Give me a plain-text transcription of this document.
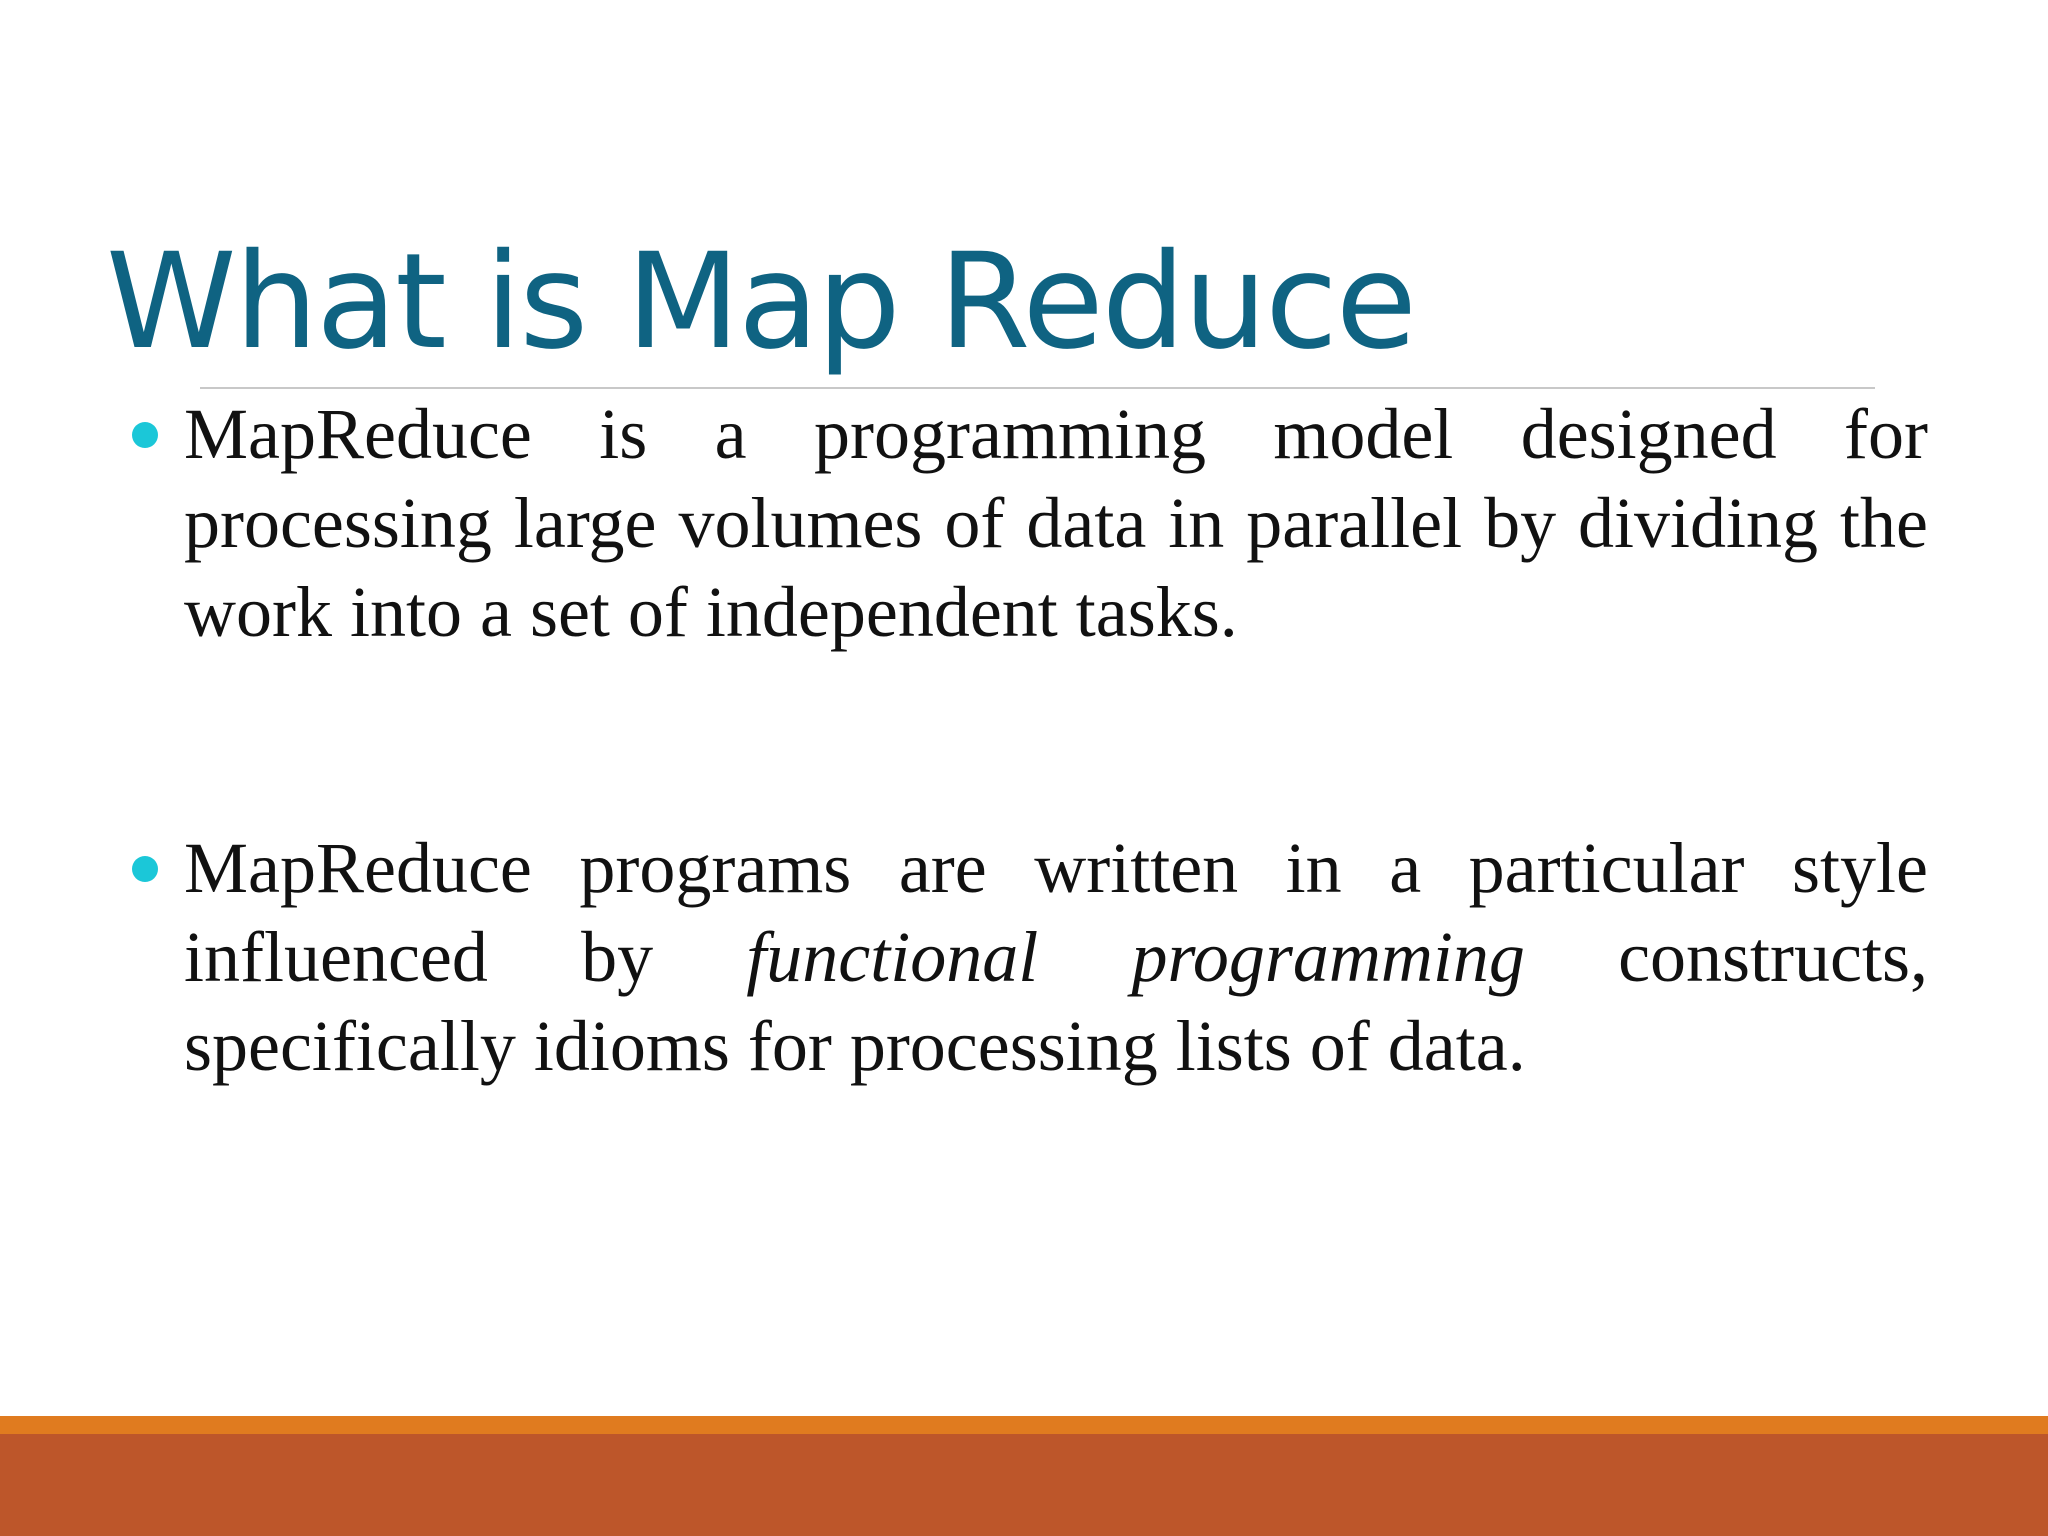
What is Map Reduce
MapReduce is a programming model designed for processing large volumes of data in parallel by dividing the work into a set of independent tasks.
MapReduce programs are written in a particular style influenced by functional programming constructs, specifically idioms for processing lists of data.
